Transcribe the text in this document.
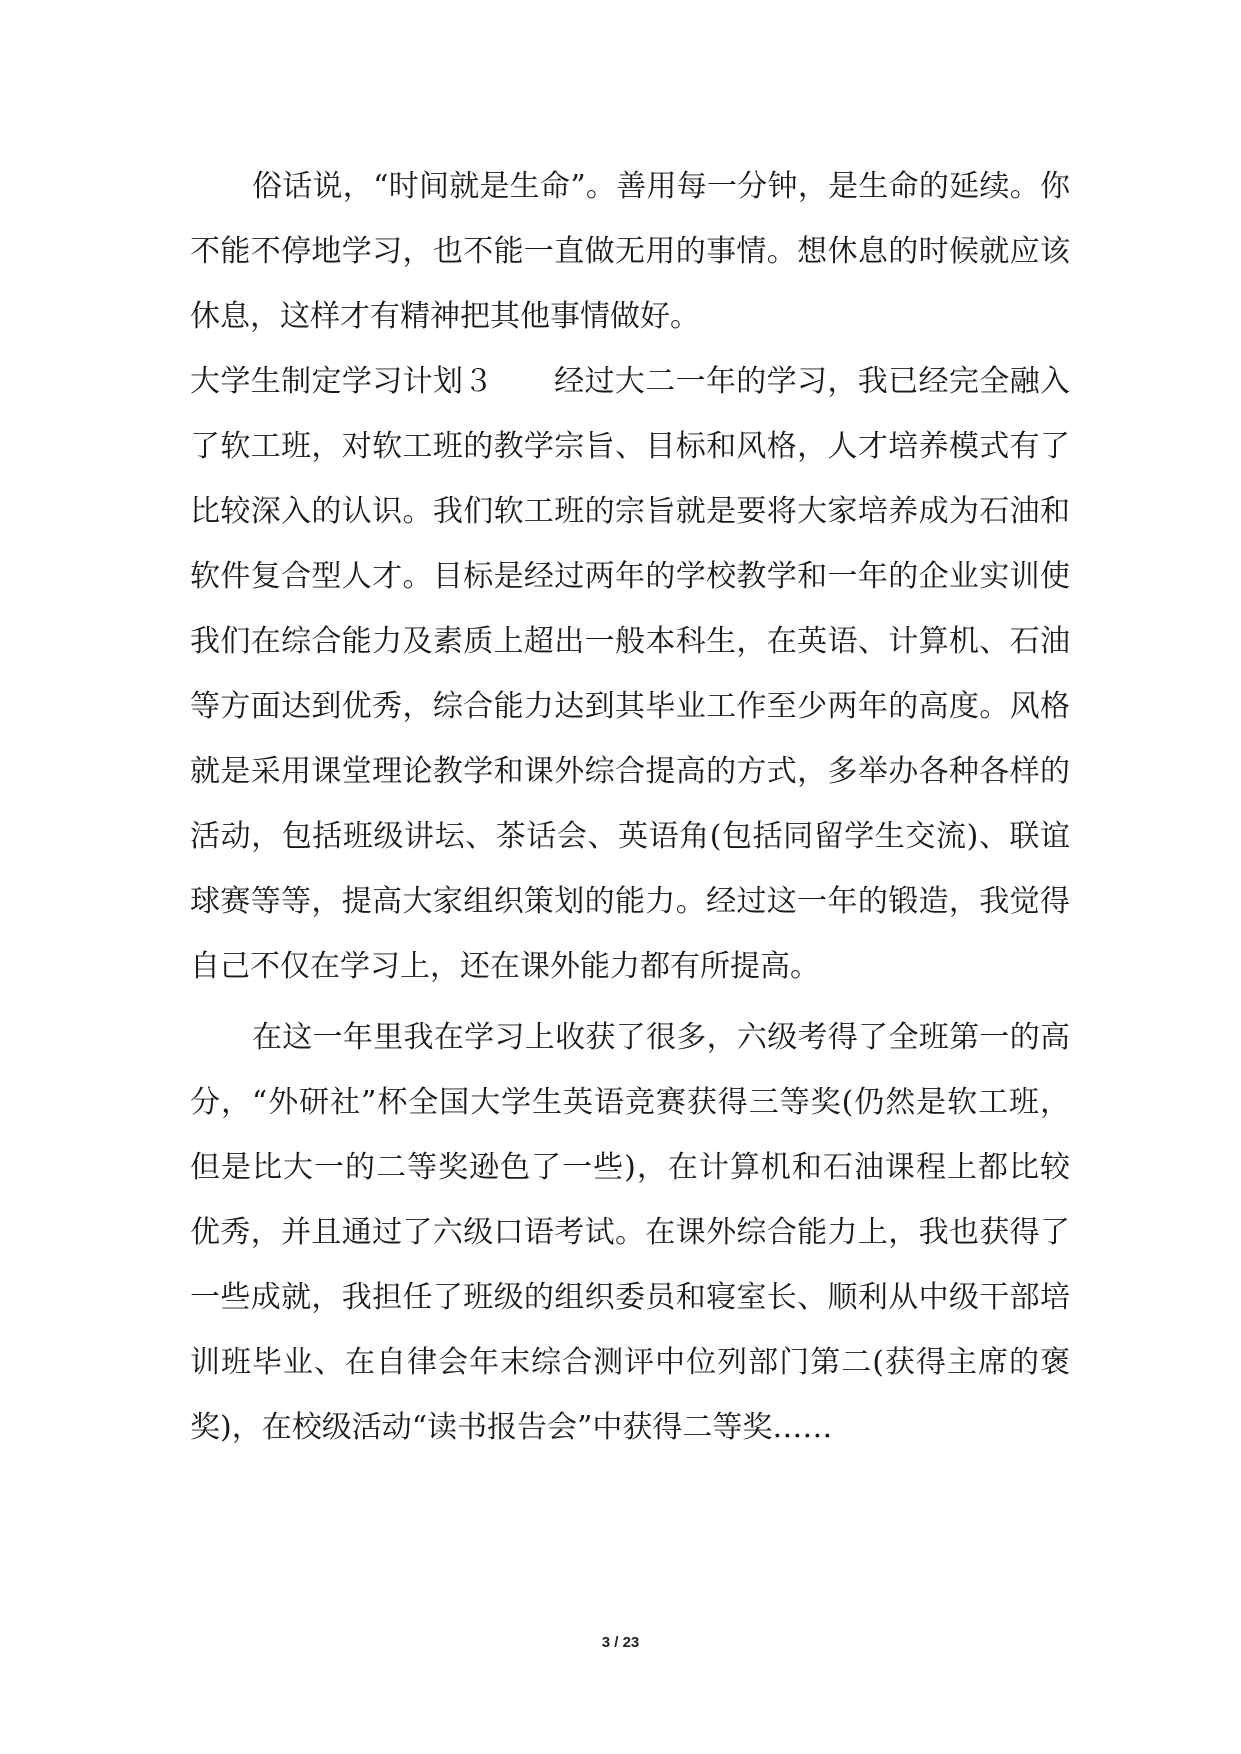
俗话说，“时间就是生命”。善用每一分钟，是生命的延续。你不能不停地学习，也不能一直做无用的事情。想休息的时候就应该休息，这样才有精神把其他事情做好。

大学生制定学习计划３ 经过大二一年的学习，我已经完全融入了软工班，对软工班的教学宗旨、目标和风格，人才培养模式有了比较深入的认识。我们软工班的宗旨就是要将大家培养成为石油和软件复合型人才。目标是经过两年的学校教学和一年的企业实训使我们在综合能力及素质上超出一般本科生，在英语、计算机、石油等方面达到优秀，综合能力达到其毕业工作至少两年的高度。风格就是采用课堂理论教学和课外综合提高的方式，多举办各种各样的活动，包括班级讲坛、茶话会、英语角(包括同留学生交流)、联谊球赛等等，提高大家组织策划的能力。经过这一年的锻造，我觉得自己不仅在学习上，还在课外能力都有所提高。

在这一年里我在学习上收获了很多，六级考得了全班第一的高分，“外研社”杯全国大学生英语竞赛获得三等奖(仍然是软工班，但是比大一的二等奖逊色了一些)，在计算机和石油课程上都比较优秀，并且通过了六级口语考试。在课外综合能力上，我也获得了一些成就，我担任了班级的组织委员和寝室长、顺利从中级干部培训班毕业、在自律会年末综合测评中位列部门第二(获得主席的褒奖)，在校级活动“读书报告会”中获得二等奖……

3 / 23
